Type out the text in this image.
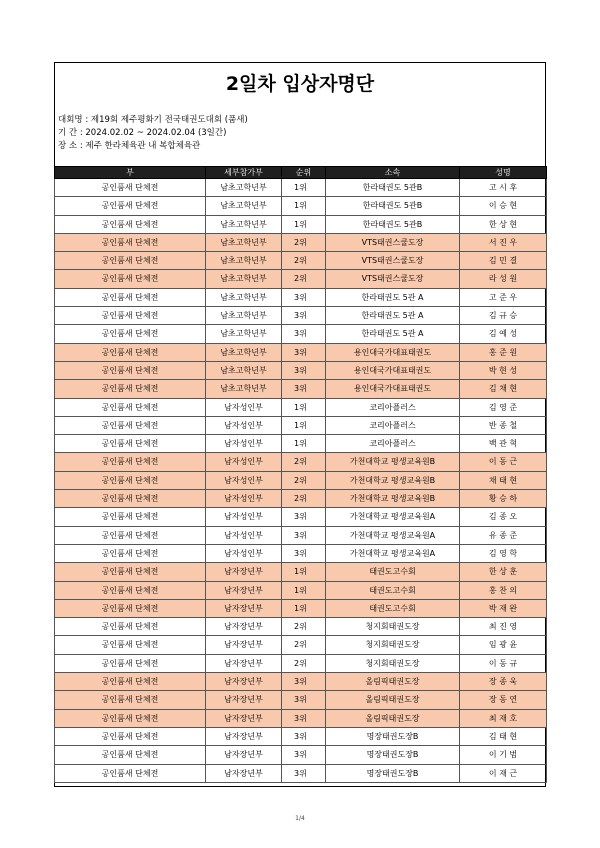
2일차 입상자명단
대회명 : 제19회 제주평화기 전국태권도대회 (품새)
기 간 : 2024.02.02 ~ 2024.02.04 (3일간)
장 소 : 제주 한라체육관 내 복합체육관
부	세부참가부	순위	소속	성명
공인품새 단체전	남초고학년부	1위	한라태권도 5관B	고 시 후
공인품새 단체전	남초고학년부	1위	한라태권도 5관B	이 승 현
공인품새 단체전	남초고학년부	1위	한라태권도 5관B	한 상 현
공인품새 단체전	남초고학년부	2위	VTS태권스쿨도장	서 진 우
공인품새 단체전	남초고학년부	2위	VTS태권스쿨도장	김 민 결
공인품새 단체전	남초고학년부	2위	VTS태권스쿨도장	라 성 원
공인품새 단체전	남초고학년부	3위	한라태권도 5관 A	고 준 우
공인품새 단체전	남초고학년부	3위	한라태권도 5관 A	김 규 승
공인품새 단체전	남초고학년부	3위	한라태권도 5관 A	김 예 성
공인품새 단체전	남초고학년부	3위	용인대국가대표태권도	홍 준 원
공인품새 단체전	남초고학년부	3위	용인대국가대표태권도	박 현 성
공인품새 단체전	남초고학년부	3위	용인대국가대표태권도	김 채 현
공인품새 단체전	남자성인부	1위	코리아플러스	김 영 준
공인품새 단체전	남자성인부	1위	코리아플러스	반 종 철
공인품새 단체전	남자성인부	1위	코리아플러스	백 관 혁
공인품새 단체전	남자성인부	2위	가천대학교 평생교육원B	이 동 근
공인품새 단체전	남자성인부	2위	가천대학교 평생교육원B	채 태 현
공인품새 단체전	남자성인부	2위	가천대학교 평생교육원B	황 승 하
공인품새 단체전	남자성인부	3위	가천대학교 평생교육원A	김 종 오
공인품새 단체전	남자성인부	3위	가천대학교 평생교육원A	유 종 준
공인품새 단체전	남자성인부	3위	가천대학교 평생교육원A	김 영 학
공인품새 단체전	남자장년부	1위	태권도고수회	한 상 훈
공인품새 단체전	남자장년부	1위	태권도고수회	홍 찬 의
공인품새 단체전	남자장년부	1위	태권도고수회	박 재 완
공인품새 단체전	남자장년부	2위	청지회태권도장	최 진 영
공인품새 단체전	남자장년부	2위	청지회태권도장	임 광 윤
공인품새 단체전	남자장년부	2위	청지회태권도장	이 동 규
공인품새 단체전	남자장년부	3위	올림픽태권도장	장 종 욱
공인품새 단체전	남자장년부	3위	올림픽태권도장	장 동 연
공인품새 단체전	남자장년부	3위	올림픽태권도장	최 재 호
공인품새 단체전	남자장년부	3위	명장태권도장B	김 태 현
공인품새 단체전	남자장년부	3위	명장태권도장B	이 기 범
공인품새 단체전	남자장년부	3위	명장태권도장B	이 재 근
1/4
